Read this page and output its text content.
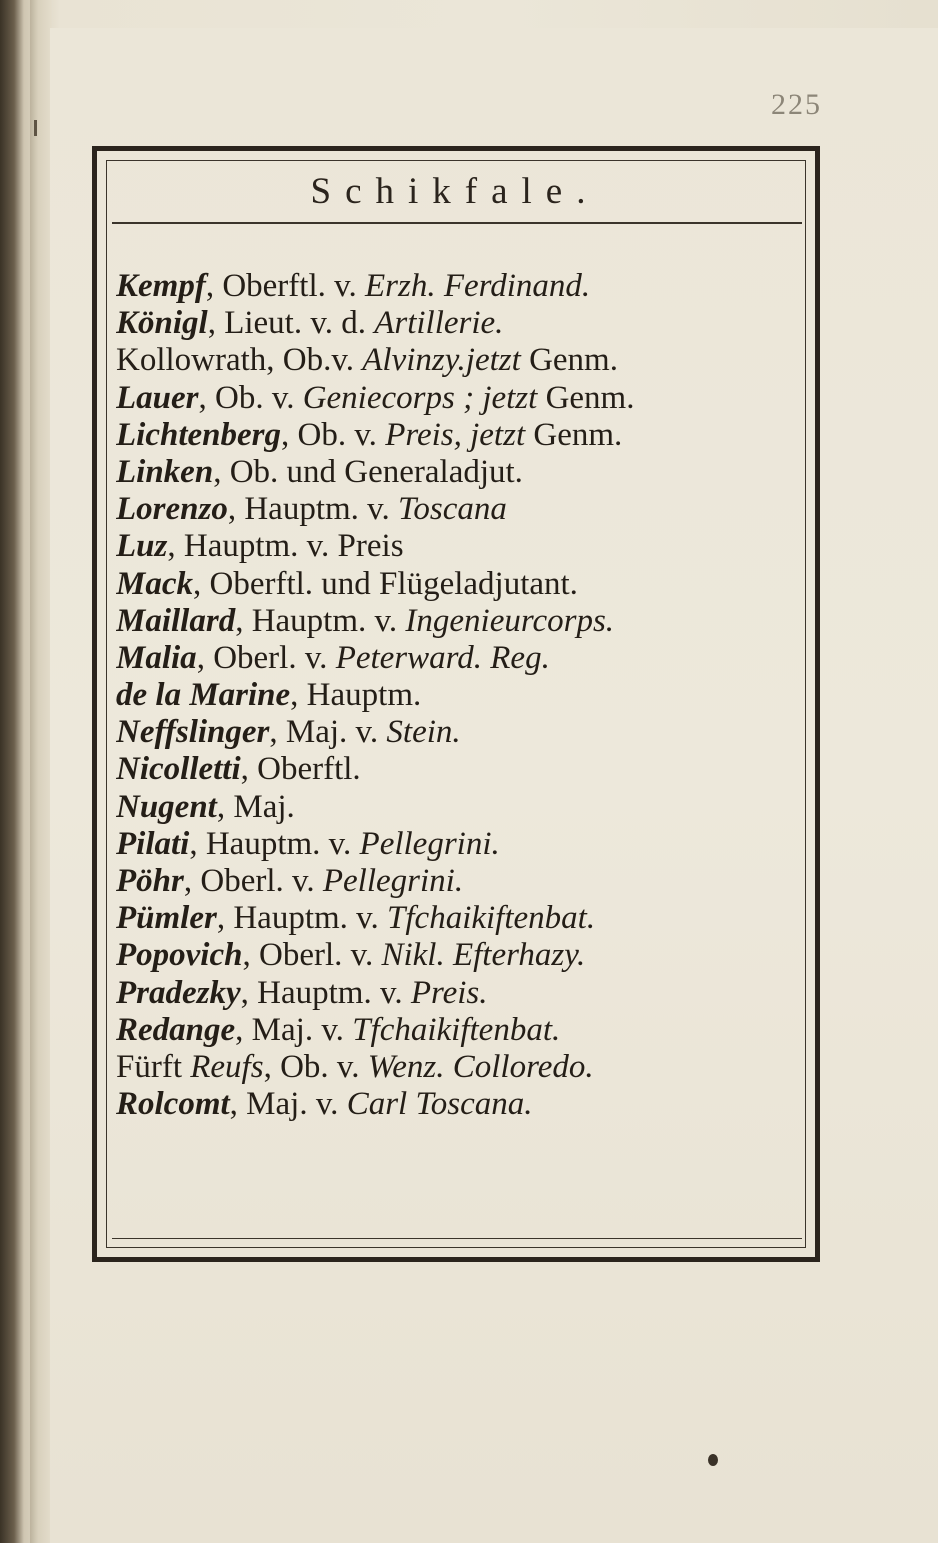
225
Schikfale.
Kempf, Oberftl. v. Erzh. Ferdinand.
Königl, Lieut. v. d. Artillerie.
Kollowrath, Ob.v. Alvinzy.jetzt Genm.
Lauer, Ob. v. Geniecorps ; jetzt Genm.
Lichtenberg, Ob. v. Preis, jetzt Genm.
Linken, Ob. und Generaladjut.
Lorenzo, Hauptm. v. Toscana
Luz, Hauptm. v. Preis
Mack, Oberftl. und Flügeladjutant.
Maillard, Hauptm. v. Ingenieurcorps.
Malia, Oberl. v. Peterward. Reg.
de la Marine, Hauptm.
Neffslinger, Maj. v. Stein.
Nicolletti, Oberftl.
Nugent, Maj.
Pilati, Hauptm. v. Pellegrini.
Pöhr, Oberl. v. Pellegrini.
Pümler, Hauptm. v. Tfchaikiftenbat.
Popovich, Oberl. v. Nikl. Efterhazy.
Pradezky, Hauptm. v. Preis.
Redange, Maj. v. Tfchaikiftenbat.
Fürft Reufs, Ob. v. Wenz. Colloredo.
Rolcomt, Maj. v. Carl Toscana.
